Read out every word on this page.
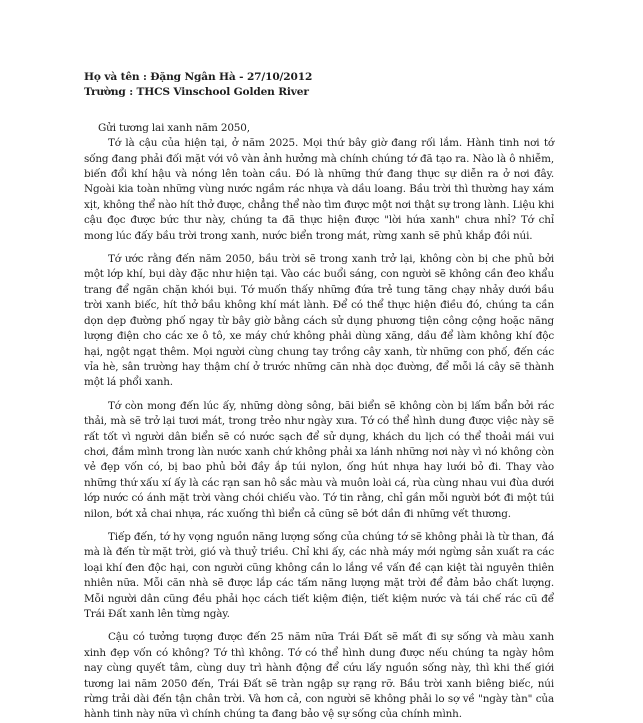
Họ và tên : Đặng Ngân Hà - 27/10/2012

Trường : THCS Vinschool Golden River

Gửi tương lai xanh năm 2050,

Tớ là cậu của hiện tại, ở năm 2025. Mọi thứ bây giờ đang rối lắm. Hành tinh nơi tớ sống đang phải đối mặt với vô vàn ảnh hưởng mà chính chúng tớ đã tạo ra. Nào là ô nhiễm, biến đổi khí hậu và nóng lên toàn cầu. Đó là những thứ đang thực sự diễn ra ở nơi đây. Ngoài kia toàn những vùng nước ngầm rác nhựa và dầu loang. Bầu trời thì thường hay xám xịt, không thể nào hít thở được, chẳng thể nào tìm được một nơi thật sự trong lành. Liệu khi cậu đọc được bức thư này, chúng ta đã thực hiện được "lời hứa xanh" chưa nhỉ? Tớ chỉ mong lúc đấy bầu trời trong xanh, nước biển trong mát, rừng xanh sẽ phủ khắp đồi núi.

Tớ ước rằng đến năm 2050, bầu trời sẽ trong xanh trở lại, không còn bị che phủ bởi một lớp khí, bụi dày đặc như hiện tại. Vào các buổi sáng, con người sẽ không cần đeo khẩu trang để ngăn chặn khói bụi. Tớ muốn thấy những đứa trẻ tung tăng chạy nhảy dưới bầu trời xanh biếc, hít thở bầu không khí mát lành. Để có thể thực hiện điều đó, chúng ta cần dọn dẹp đường phố ngay từ bây giờ bằng cách sử dụng phương tiện công cộng hoặc năng lượng điện cho các xe ô tô, xe máy chứ không phải dùng xăng, dầu để làm không khí độc hại, ngột ngạt thêm. Mọi người cùng chung tay trồng cây xanh, từ những con phố, đến các vỉa hè, sân trường hay thậm chí ở trước những căn nhà dọc đường, để mỗi lá cây sẽ thành một lá phổi xanh.

Tớ còn mong đến lúc ấy, những dòng sông, bãi biển sẽ không còn bị lấm bẩn bởi rác thải, mà sẽ trở lại tươi mát, trong trẻo như ngày xưa. Tớ có thể hình dung được việc này sẽ rất tốt vì người dân biển sẽ có nước sạch để sử dụng, khách du lịch có thể thoải mái vui chơi, đắm mình trong làn nước xanh chứ không phải xa lánh những nơi này vì nó không còn vẻ đẹp vốn có, bị bao phủ bởi đầy ắp túi nylon, ống hút nhựa hay lưới bỏ đi. Thay vào những thứ xấu xí ấy là các rạn san hô sắc màu và muôn loài cá, rùa cùng nhau vui đùa dưới lớp nước có ánh mặt trời vàng chói chiếu vào. Tớ tin rằng, chỉ gần mỗi người bớt đi một túi nilon, bớt xả chai nhựa, rác xuống thì biển cả cũng sẽ bớt dần đi những vết thương.

Tiếp đến, tớ hy vọng nguồn năng lượng sống của chúng tớ sẽ không phải là từ than, đá mà là đến từ mặt trời, gió và thuỷ triều. Chỉ khi ấy, các nhà máy mới ngừng sản xuất ra các loại khí đen độc hại, con người cũng không cần lo lắng về vấn đề cạn kiệt tài nguyên thiên nhiên nữa. Mỗi căn nhà sẽ được lắp các tấm năng lượng mặt trời để đảm bảo chất lượng. Mỗi người dân cũng đều phải học cách tiết kiệm điện, tiết kiệm nước và tái chế rác cũ để Trái Đất xanh lên từng ngày.

Cậu có tưởng tượng được đến 25 năm nữa Trái Đất sẽ mất đi sự sống và màu xanh xinh đẹp vốn có không? Tớ thì không. Tớ có thể hình dung được nếu chúng ta ngày hôm nay cùng quyết tâm, cùng duy trì hành động để cứu lấy nguồn sống này, thì khi thế giới tương lai năm 2050 đến, Trái Đất sẽ tràn ngập sự rạng rỡ. Bầu trời xanh biêng biếc, núi rừng trải dài đến tận chân trời. Và hơn cả, con người sẽ không phải lo sợ về "ngày tàn" của hành tinh này nữa vì chính chúng ta đang bảo vệ sự sống của chính mình.
